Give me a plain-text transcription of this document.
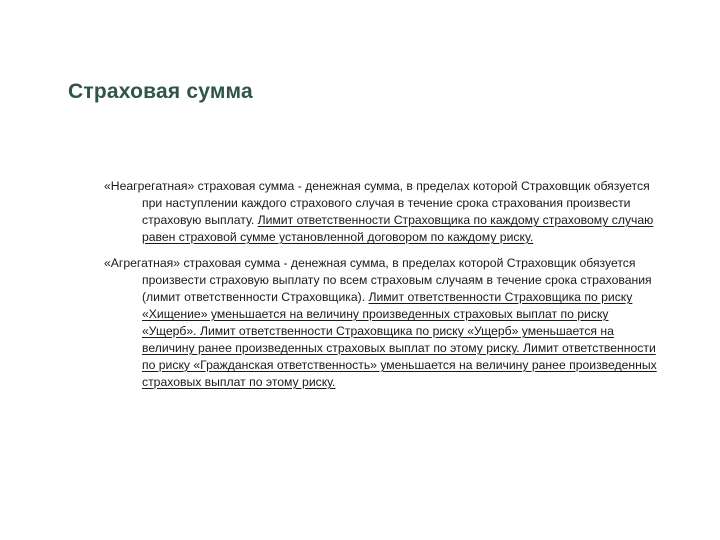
Страховая сумма

«Неагрегатная» страховая сумма - денежная сумма, в пределах которой Страховщик обязуется при наступлении каждого страхового случая в течение срока страхования произвести страховую выплату. Лимит ответственности Страховщика по каждому страховому случаю равен страховой сумме установленной договором по каждому риску.

«Агрегатная» страховая сумма - денежная сумма, в пределах которой Страховщик обязуется произвести страховую выплату по всем страховым случаям в течение срока страхования (лимит ответственности Страховщика). Лимит ответственности Страховщика по риску «Хищение» уменьшается на величину произведенных страховых выплат по риску «Ущерб». Лимит ответственности Страховщика по риску «Ущерб» уменьшается на величину ранее произведенных страховых выплат по этому риску. Лимит ответственности по риску «Гражданская ответственность» уменьшается на величину ранее произведенных страховых выплат по этому риску.
